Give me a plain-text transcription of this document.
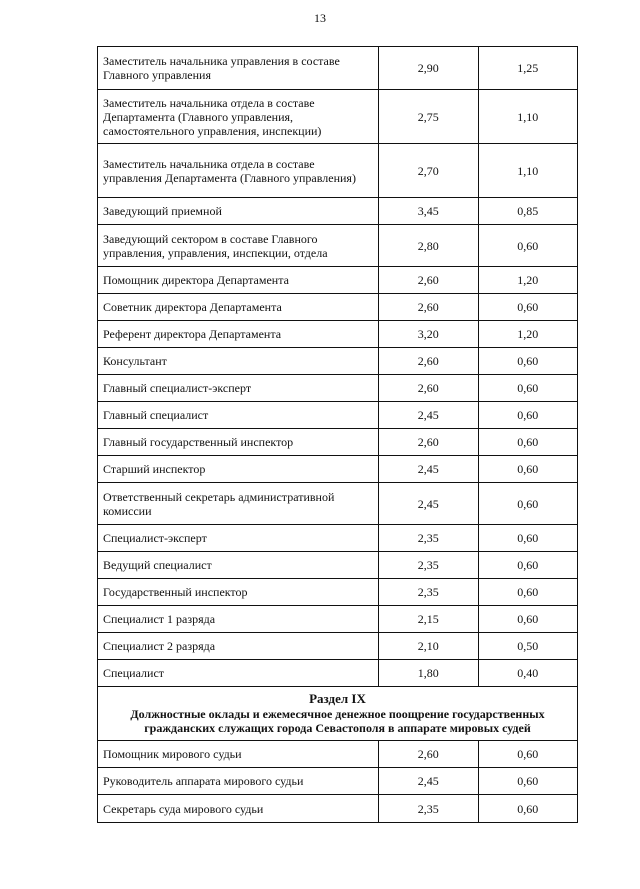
13
Заместитель начальника управления в составе Главного управления	2,90	1,25
Заместитель начальника отдела в составе Департамента (Главного управления, самостоятельного управления, инспекции)	2,75	1,10
Заместитель начальника отдела в составе управления Департамента (Главного управления)	2,70	1,10
Заведующий приемной	3,45	0,85
Заведующий сектором в составе Главного управления, управления, инспекции, отдела	2,80	0,60
Помощник директора Департамента	2,60	1,20
Советник директора Департамента	2,60	0,60
Референт директора Департамента	3,20	1,20
Консультант	2,60	0,60
Главный специалист-эксперт	2,60	0,60
Главный специалист	2,45	0,60
Главный государственный инспектор	2,60	0,60
Старший инспектор	2,45	0,60
Ответственный секретарь административной комиссии	2,45	0,60
Специалист-эксперт	2,35	0,60
Ведущий специалист	2,35	0,60
Государственный инспектор	2,35	0,60
Специалист 1 разряда	2,15	0,60
Специалист 2 разряда	2,10	0,50
Специалист	1,80	0,40

Раздел IX
Должностные оклады и ежемесячное денежное поощрение государственных гражданских служащих города Севастополя в аппарате мировых судей		

Помощник мирового судьи	2,60	0,60
Руководитель аппарата мирового судьи	2,45	0,60
Секретарь суда мирового судьи	2,35	0,60
